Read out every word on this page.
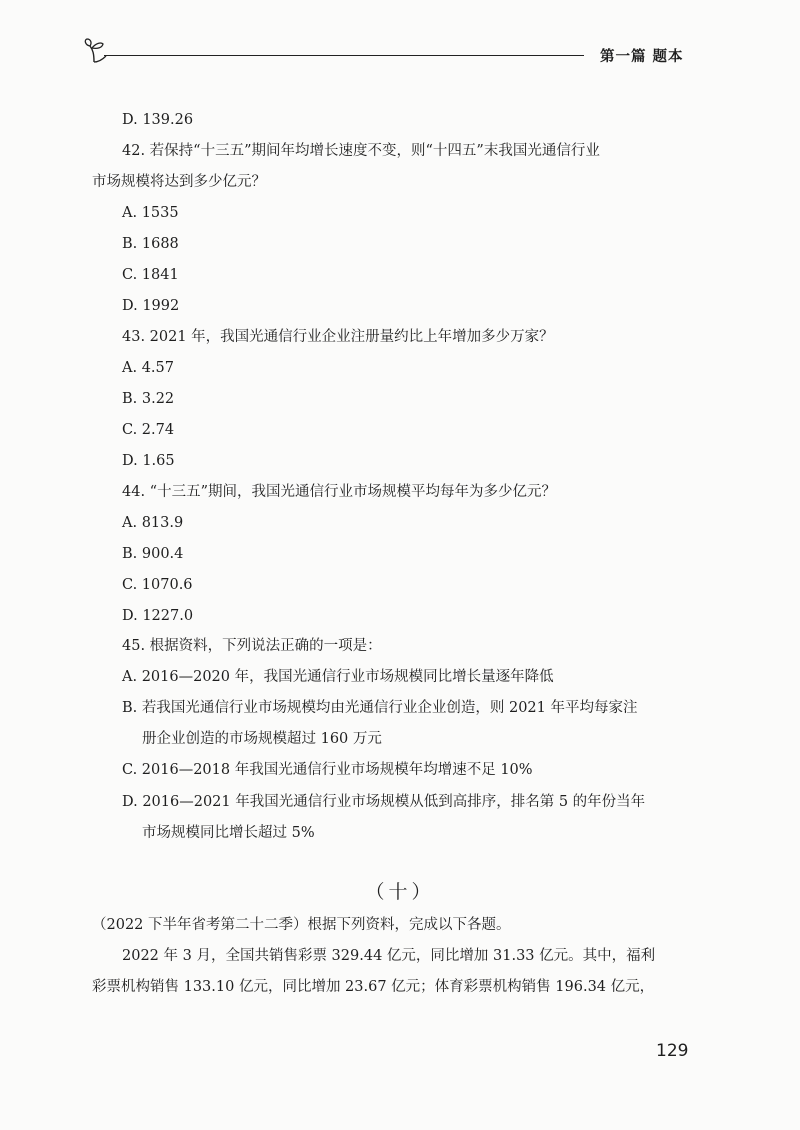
第一篇 题本
D. 139.26
42. 若保持“十三五”期间年均增长速度不变，则“十四五”末我国光通信行业
市场规模将达到多少亿元？
A. 1535
B. 1688
C. 1841
D. 1992
43. 2021 年，我国光通信行业企业注册量约比上年增加多少万家？
A. 4.57
B. 3.22
C. 2.74
D. 1.65
44. “十三五”期间，我国光通信行业市场规模平均每年为多少亿元？
A. 813.9
B. 900.4
C. 1070.6
D. 1227.0
45. 根据资料，下列说法正确的一项是：
A. 2016—2020 年，我国光通信行业市场规模同比增长量逐年降低
B. 若我国光通信行业市场规模均由光通信行业企业创造，则 2021 年平均每家注
册企业创造的市场规模超过 160 万元
C. 2016—2018 年我国光通信行业市场规模年均增速不足 10%
D. 2016—2021 年我国光通信行业市场规模从低到高排序，排名第 5 的年份当年
市场规模同比增长超过 5%
（十）
（2022 下半年省考第二十二季）根据下列资料，完成以下各题。
2022 年 3 月，全国共销售彩票 329.44 亿元，同比增加 31.33 亿元。其中，福利
彩票机构销售 133.10 亿元，同比增加 23.67 亿元；体育彩票机构销售 196.34 亿元，
129
